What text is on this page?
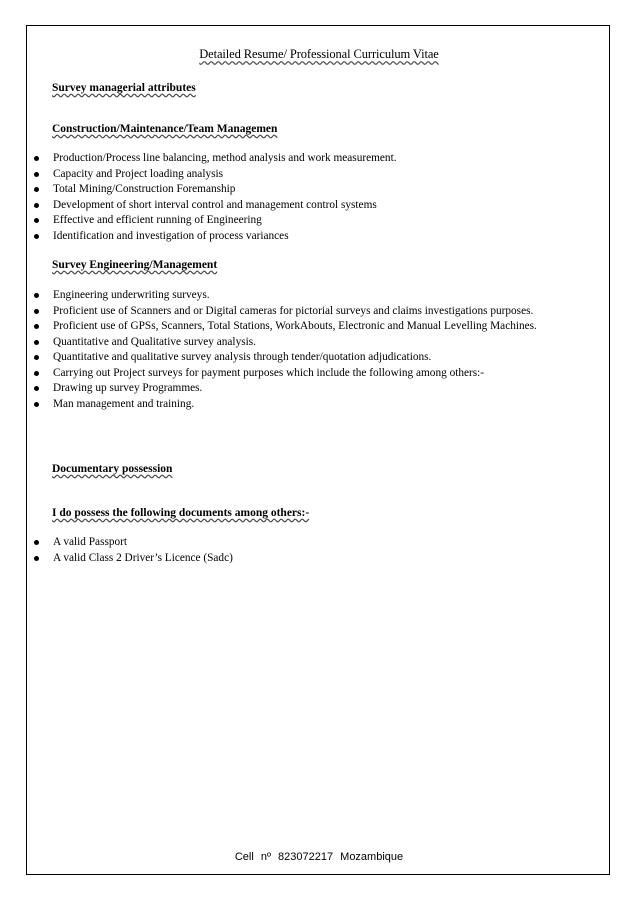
Detailed Resume/ Professional Curriculum Vitae
Survey managerial attributes
Construction/Maintenance/Team Managemen
Production/Process line balancing, method analysis and work measurement.
Capacity and Project loading analysis
Total Mining/Construction Foremanship
Development of short interval control and management control systems
Effective and efficient running of Engineering
Identification and investigation of process variances
Survey Engineering/Management
Engineering underwriting surveys.
Proficient use of Scanners and or Digital cameras for pictorial surveys and claims investigations purposes.
Proficient use of GPSs, Scanners, Total Stations, WorkAbouts, Electronic and Manual Levelling Machines.
Quantitative and Qualitative survey analysis.
Quantitative and qualitative survey analysis through tender/quotation adjudications.
Carrying out Project surveys for payment purposes which include the following among others:-
Drawing up survey Programmes.
Man management and training.
Documentary possession
I do possess the following documents among others:-
A valid Passport
A valid Class 2 Driver’s Licence (Sadc)
Cell nº 823072217 Mozambique
